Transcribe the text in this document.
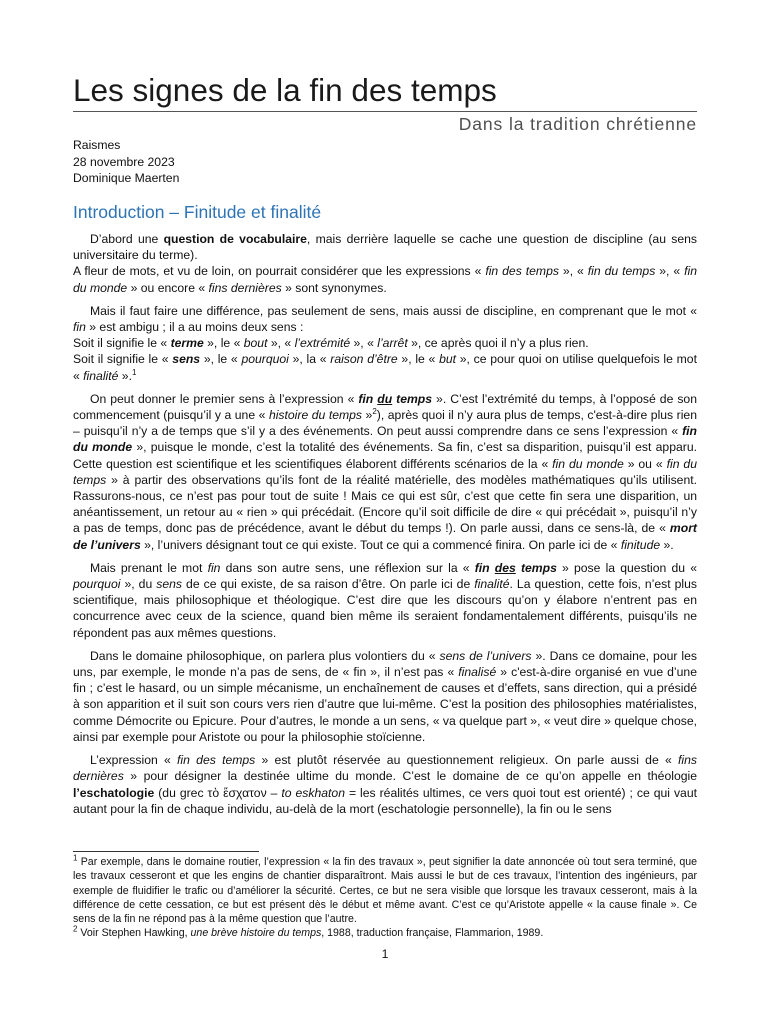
Les signes de la fin des temps
Dans la tradition chrétienne
Raismes
28 novembre 2023
Dominique Maerten
Introduction – Finitude et finalité

D’abord une question de vocabulaire, mais derrière laquelle se cache une question de discipline (au sens universitaire du terme).
A fleur de mots, et vu de loin, on pourrait considérer que les expressions « fin des temps », « fin du temps », « fin du monde » ou encore « fins dernières » sont synonymes.

Mais il faut faire une différence, pas seulement de sens, mais aussi de discipline, en comprenant que le mot « fin » est ambigu ; il a au moins deux sens :
Soit il signifie le « terme », le « bout », « l’extrémité », « l’arrêt », ce après quoi il n’y a plus rien.
Soit il signifie le « sens », le « pourquoi », la « raison d’être », le « but », ce pour quoi on utilise quelquefois le mot « finalité ».$^1$

On peut donner le premier sens à l’expression « fin du temps ». C’est l’extrémité du temps, à l’opposé de son commencement (puisqu’il y a une « histoire du temps »$^2$), après quoi il n’y aura plus de temps, c'est-à-dire plus rien – puisqu’il n’y a de temps que s’il y a des événements. On peut aussi comprendre dans ce sens l’expression « fin du monde », puisque le monde, c’est la totalité des événements. Sa fin, c’est sa disparition, puisqu’il est apparu. Cette question est scientifique et les scientifiques élaborent différents scénarios de la « fin du monde » ou « fin du temps » à partir des observations qu’ils font de la réalité matérielle, des modèles mathématiques qu’ils utilisent. Rassurons-nous, ce n’est pas pour tout de suite ! Mais ce qui est sûr, c’est que cette fin sera une disparition, un anéantissement, un retour au « rien » qui précédait. (Encore qu’il soit difficile de dire « qui précédait », puisqu’il n’y a pas de temps, donc pas de précédence, avant le début du temps !). On parle aussi, dans ce sens-là, de « mort de l’univers », l’univers désignant tout ce qui existe. Tout ce qui a commencé finira. On parle ici de « finitude ».

Mais prenant le mot fin dans son autre sens, une réflexion sur la « fin des temps » pose la question du « pourquoi », du sens de ce qui existe, de sa raison d’être. On parle ici de finalité. La question, cette fois, n’est plus scientifique, mais philosophique et théologique. C’est dire que les discours qu’on y élabore n’entrent pas en concurrence avec ceux de la science, quand bien même ils seraient fondamentalement différents, puisqu’ils ne répondent pas aux mêmes questions.

Dans le domaine philosophique, on parlera plus volontiers du « sens de l’univers ». Dans ce domaine, pour les uns, par exemple, le monde n’a pas de sens, de « fin », il n’est pas « finalisé » c'est-à-dire organisé en vue d’une fin ; c’est le hasard, ou un simple mécanisme, un enchaînement de causes et d’effets, sans direction, qui a présidé à son apparition et il suit son cours vers rien d’autre que lui-même. C’est la position des philosophies matérialistes, comme Démocrite ou Epicure. Pour d’autres, le monde a un sens, « va quelque part », « veut dire » quelque chose, ainsi par exemple pour Aristote ou pour la philosophie stoïcienne.

L’expression « fin des temps » est plutôt réservée au questionnement religieux. On parle aussi de « fins dernières » pour désigner la destinée ultime du monde. C’est le domaine de ce qu’on appelle en théologie l’eschatologie (du grec τὸ ἔσχατον – to eskhaton = les réalités ultimes, ce vers quoi tout est orienté) ; ce qui vaut autant pour la fin de chaque individu, au-delà de la mort (eschatologie personnelle), la fin ou le sens

$^1$ Par exemple, dans le domaine routier, l’expression « la fin des travaux », peut signifier la date annoncée où tout sera terminé, que les travaux cesseront et que les engins de chantier disparaîtront. Mais aussi le but de ces travaux, l’intention des ingénieurs, par exemple de fluidifier le trafic ou d’améliorer la sécurité. Certes, ce but ne sera visible que lorsque les travaux cesseront, mais à la différence de cette cessation, ce but est présent dès le début et même avant. C’est ce qu’Aristote appelle « la cause finale ». Ce sens de la fin ne répond pas à la même question que l’autre.

$^2$ Voir Stephen Hawking, une brève histoire du temps, 1988, traduction française, Flammarion, 1989.

1
